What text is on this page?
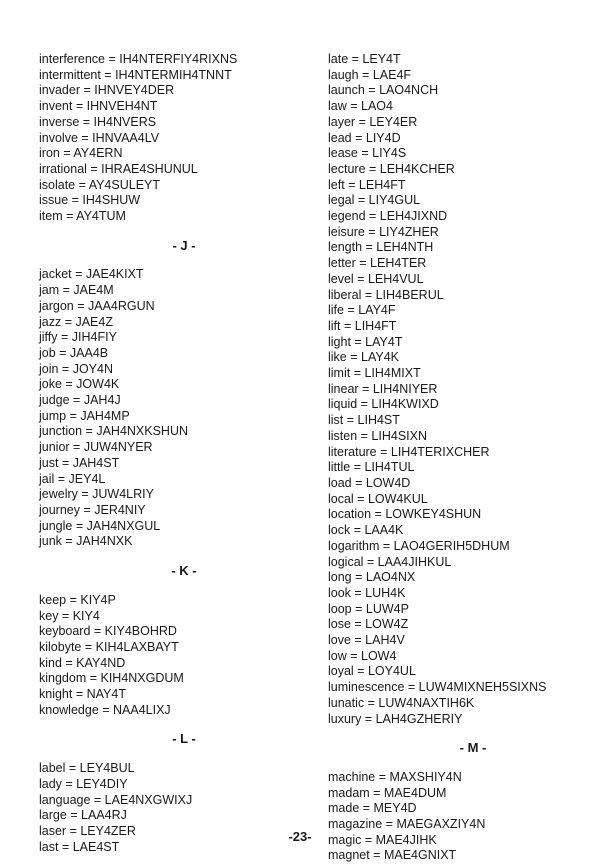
interference = IH4NTERFIY4RIXNS
intermittent = IH4NTERMIH4TNNT
invader = IHNVEY4DER
invent = IHNVEH4NT
inverse = IH4NVERS
involve = IHNVAA4LV
iron = AY4ERN
irrational = IHRAE4SHUNUL
isolate = AY4SULEYT
issue = IH4SHUW
item = AY4TUM
- J -
jacket = JAE4KIXT
jam = JAE4M
jargon = JAA4RGUN
jazz = JAE4Z
jiffy = JIH4FIY
job = JAA4B
join = JOY4N
joke = JOW4K
judge = JAH4J
jump = JAH4MP
junction = JAH4NXKSHUN
junior = JUW4NYER
just = JAH4ST
jail = JEY4L
jewelry = JUW4LRIY
journey = JER4NIY
jungle = JAH4NXGUL
junk = JAH4NXK
- K -
keep = KIY4P
key = KIY4
keyboard = KIY4BOHRD
kilobyte = KIH4LAXBAYT
kind = KAY4ND
kingdom = KIH4NXGDUM
knight = NAY4T
knowledge = NAA4LIXJ
- L -
label = LEY4BUL
lady = LEY4DIY
language = LAE4NXGWIXJ
large = LAA4RJ
laser = LEY4ZER
last = LAE4ST
late = LEY4T
laugh = LAE4F
launch = LAO4NCH
law = LAO4
layer = LEY4ER
lead = LIY4D
lease = LIY4S
lecture = LEH4KCHER
left = LEH4FT
legal = LIY4GUL
legend = LEH4JIXND
leisure = LIY4ZHER
length = LEH4NTH
letter = LEH4TER
level = LEH4VUL
liberal = LIH4BERUL
life = LAY4F
lift = LIH4FT
light = LAY4T
like = LAY4K
limit = LIH4MIXT
linear = LIH4NIYER
liquid = LIH4KWIXD
list = LIH4ST
listen = LIH4SIXN
literature = LIH4TERIXCHER
little = LIH4TUL
load = LOW4D
local = LOW4KUL
location = LOWKEY4SHUN
lock = LAA4K
logarithm = LAO4GERIH5DHUM
logical = LAA4JIHKUL
long = LAO4NX
look = LUH4K
loop = LUW4P
lose = LOW4Z
love = LAH4V
low = LOW4
loyal = LOY4UL
luminescence = LUW4MIXNEH5SIXNS
lunatic = LUW4NAXTIH6K
luxury = LAH4GZHERIY
- M -
machine = MAXSHIY4N
madam = MAE4DUM
made = MEY4D
magazine = MAEGAXZIY4N
magic = MAE4JIHK
magnet = MAE4GNIXT
-23-
